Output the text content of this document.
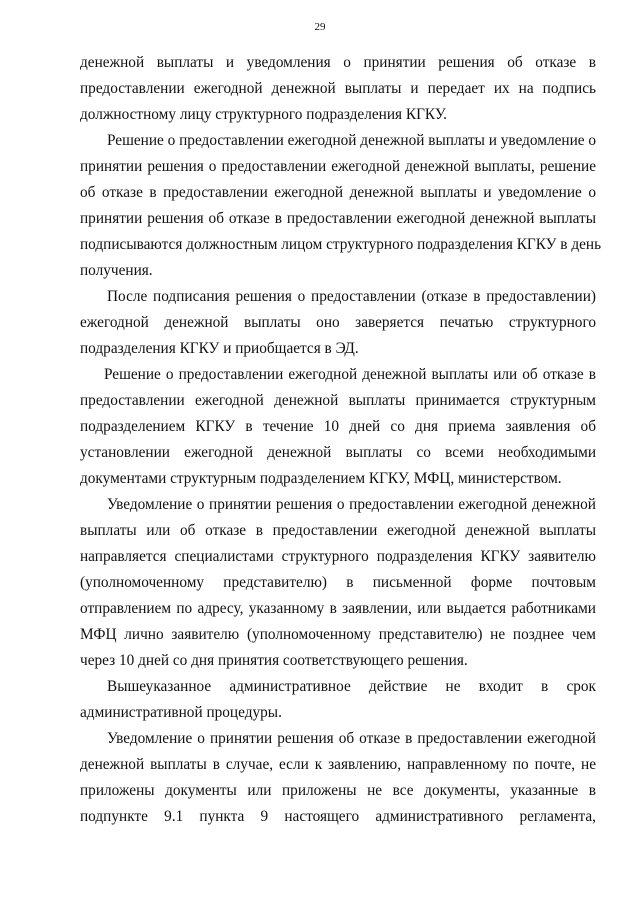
29
денежной выплаты и уведомления о принятии решения об отказе в
предоставлении ежегодной денежной выплаты и передает их на подпись
должностному лицу структурного подразделения КГКУ.
Решение о предоставлении ежегодной денежной выплаты и уведомление о
принятии решения о предоставлении ежегодной денежной выплаты, решение
об отказе в предоставлении ежегодной денежной выплаты и уведомление о
принятии решения об отказе в предоставлении ежегодной денежной выплаты
подписываются должностным лицом структурного подразделения КГКУ в день
получения.
После подписания решения о предоставлении (отказе в предоставлении)
ежегодной денежной выплаты оно заверяется печатью структурного
подразделения КГКУ и приобщается в ЭД.
Решение о предоставлении ежегодной денежной выплаты или об отказе в
предоставлении ежегодной денежной выплаты принимается структурным
подразделением КГКУ в течение 10 дней со дня приема заявления об
установлении ежегодной денежной выплаты со всеми необходимыми
документами структурным подразделением КГКУ, МФЦ, министерством.
Уведомление о принятии решения о предоставлении ежегодной денежной
выплаты или об отказе в предоставлении ежегодной денежной выплаты
направляется специалистами структурного подразделения КГКУ заявителю
(уполномоченному представителю) в письменной форме почтовым
отправлением по адресу, указанному в заявлении, или выдается работниками
МФЦ лично заявителю (уполномоченному представителю) не позднее чем
через 10 дней со дня принятия соответствующего решения.
Вышеуказанное административное действие не входит в срок
административной процедуры.
Уведомление о принятии решения об отказе в предоставлении ежегодной
денежной выплаты в случае, если к заявлению, направленному по почте, не
приложены документы или приложены не все документы, указанные в
подпункте 9.1 пункта 9 настоящего административного регламента,
